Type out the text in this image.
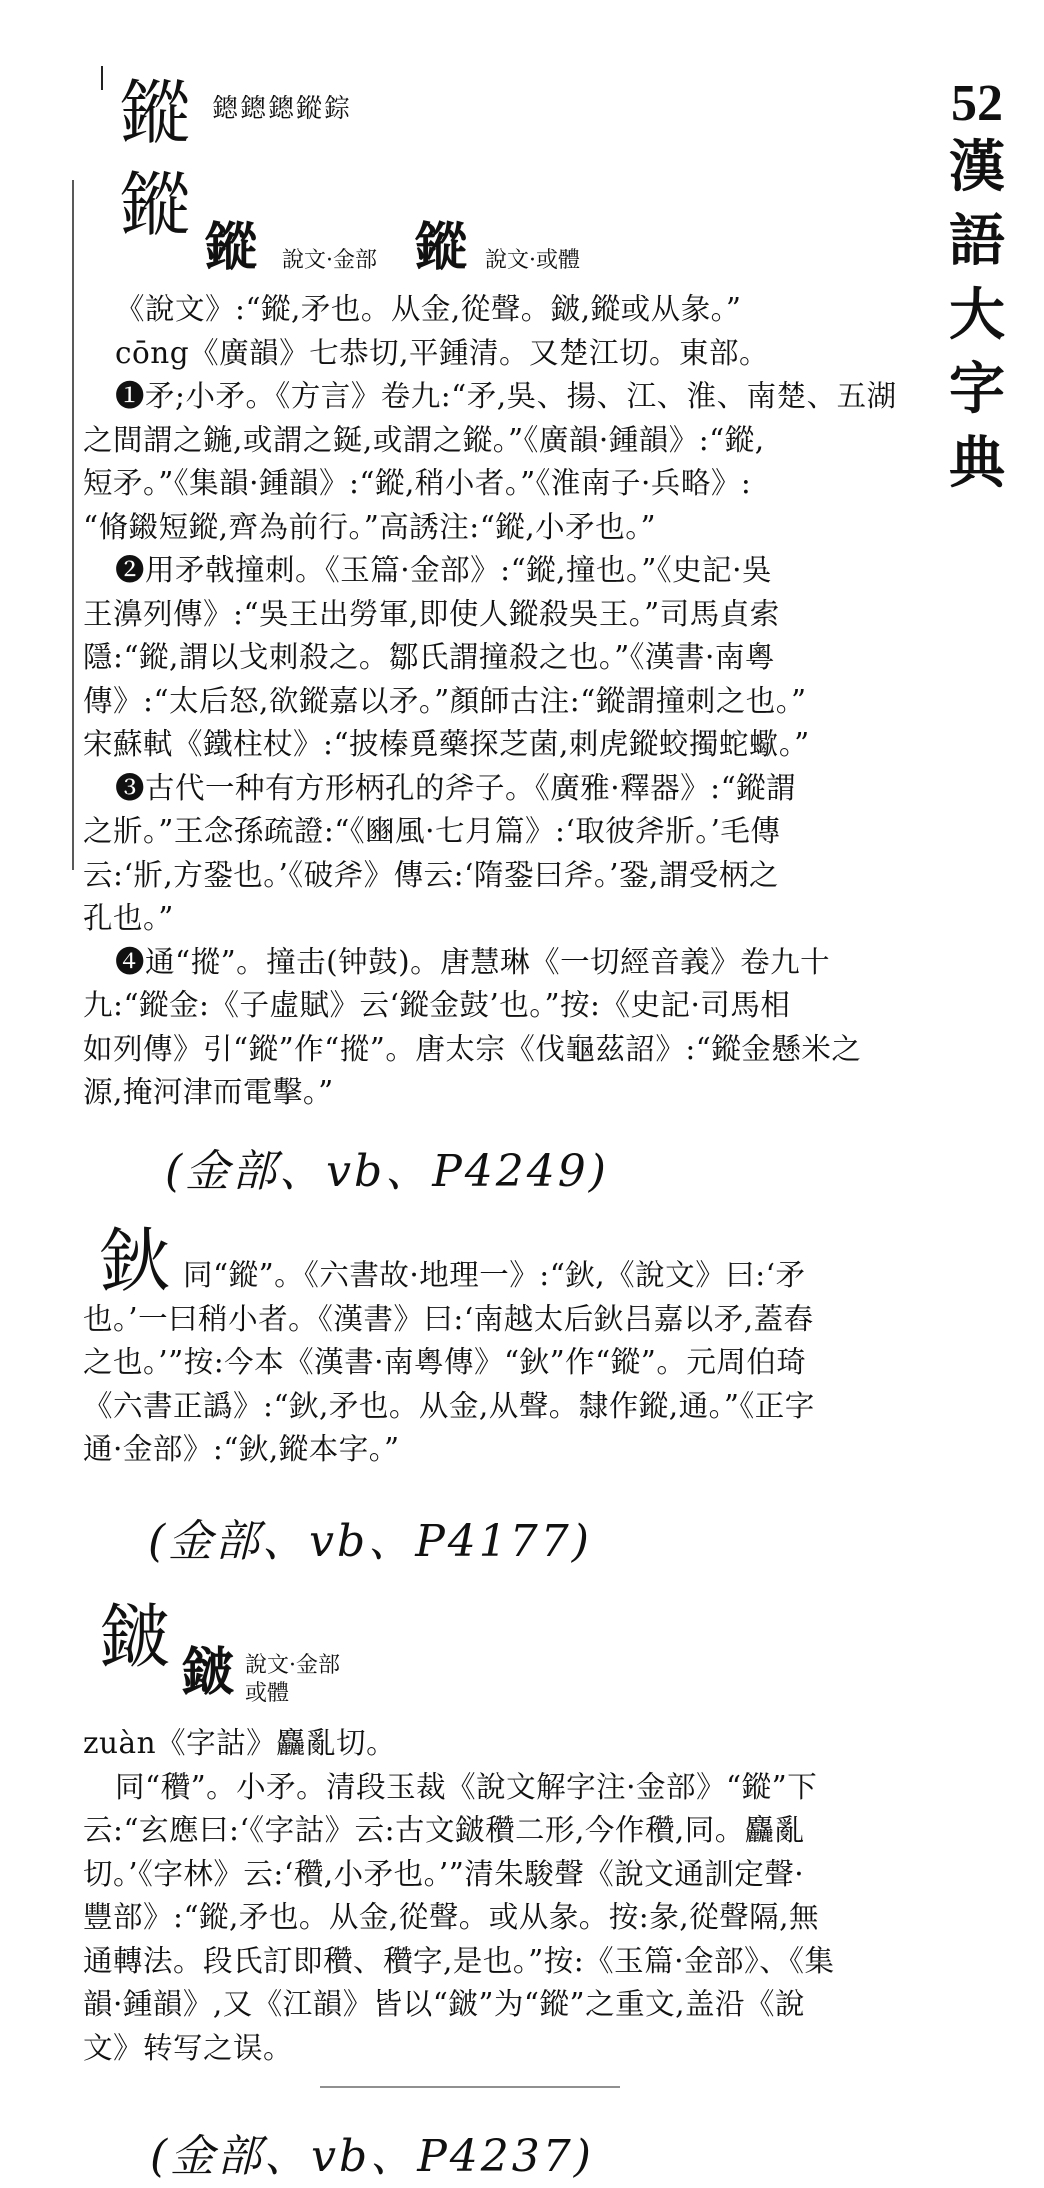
52
漢
語
大
字
典
鏦 鏓鏓鏓鏦錝
鏦
鏦 說文·金部 鏦 說文·或體

《說文》:“鏦,矛也。从金,從聲。𨨏,鏦或从彖。”

cōng《廣韻》七恭切,平鍾清。又楚江切。東部。

❶矛;小矛。《方言》卷九:“矛,吳、揚、江、淮、南楚、五湖

之間謂之鍦,或謂之鋋,或謂之鏦。”《廣韻·鍾韻》:“鏦,

短矛。”《集韻·鍾韻》:“鏦,稍小者。”《淮南子·兵略》:

“脩鎩短鏦,齊為前行。”高誘注:“鏦,小矛也。”

❷用矛戟撞刺。《玉篇·金部》:“鏦,撞也。”《史記·吳

王濞列傳》:“吳王出勞軍,即使人鏦殺吳王。”司馬貞索

隱:“鏦,謂以戈刺殺之。鄒氏謂撞殺之也。”《漢書·南粵

傳》:“太后怒,欲鏦嘉以矛。”顏師古注:“鏦謂撞刺之也。”

宋蘇軾《鐵柱杖》:“披榛覓藥探芝菌,刺虎鏦蛟擉蛇蠍。”

❸古代一种有方形柄孔的斧子。《廣雅·釋器》:“鏦謂

之斨。”王念孫疏證:“《豳風·七月篇》:‘取彼斧斨。’毛傳

云:‘斨,方銎也。’《破斧》傳云:‘隋銎曰斧。’銎,謂受柄之

孔也。”

❹通“摐”。撞击(钟鼓)。唐慧琳《一切經音義》卷九十

九:“鏦金:《子虛賦》云‘鏦金鼓’也。”按:《史記·司馬相

如列傳》引“鏦”作“摐”。唐太宗《伐龜茲詔》:“鏦金懸米之

源,掩河津而電擊。”

(金部、vb、P4249)
鈥 同“鏦”。《六書故·地理一》:“鈥,《說文》曰:‘矛

也。’一曰稍小者。《漢書》曰:‘南越太后鈥吕嘉以矛,蓋舂

之也。’”按:今本《漢書·南粵傳》“鈥”作“鏦”。元周伯琦

《六書正譌》:“鈥,矛也。从金,从聲。隸作鏦,通。”《正字

通·金部》:“鈥,鏦本字。”

(金部、vb、P4177)
𨨏 𨨏 說文·金部
或體

zuàn《字詁》麤亂切。

同“穳”。小矛。清段玉裁《說文解字注·金部》“鏦”下

云:“玄應曰:‘《字詁》云:古文𨨏穳二形,今作穳,同。麤亂

切。’《字林》云:‘穳,小矛也。’”清朱駿聲《說文通訓定聲·

豐部》:“鏦,矛也。从金,從聲。或从彖。按:彖,從聲隔,無

通轉法。段氏訂即穳、穳字,是也。”按:《玉篇·金部》、《集

韻·鍾韻》,又《江韻》皆以“𨨏”为“鏦”之重文,盖沿《說

文》转写之误。

(金部、vb、P4237)
